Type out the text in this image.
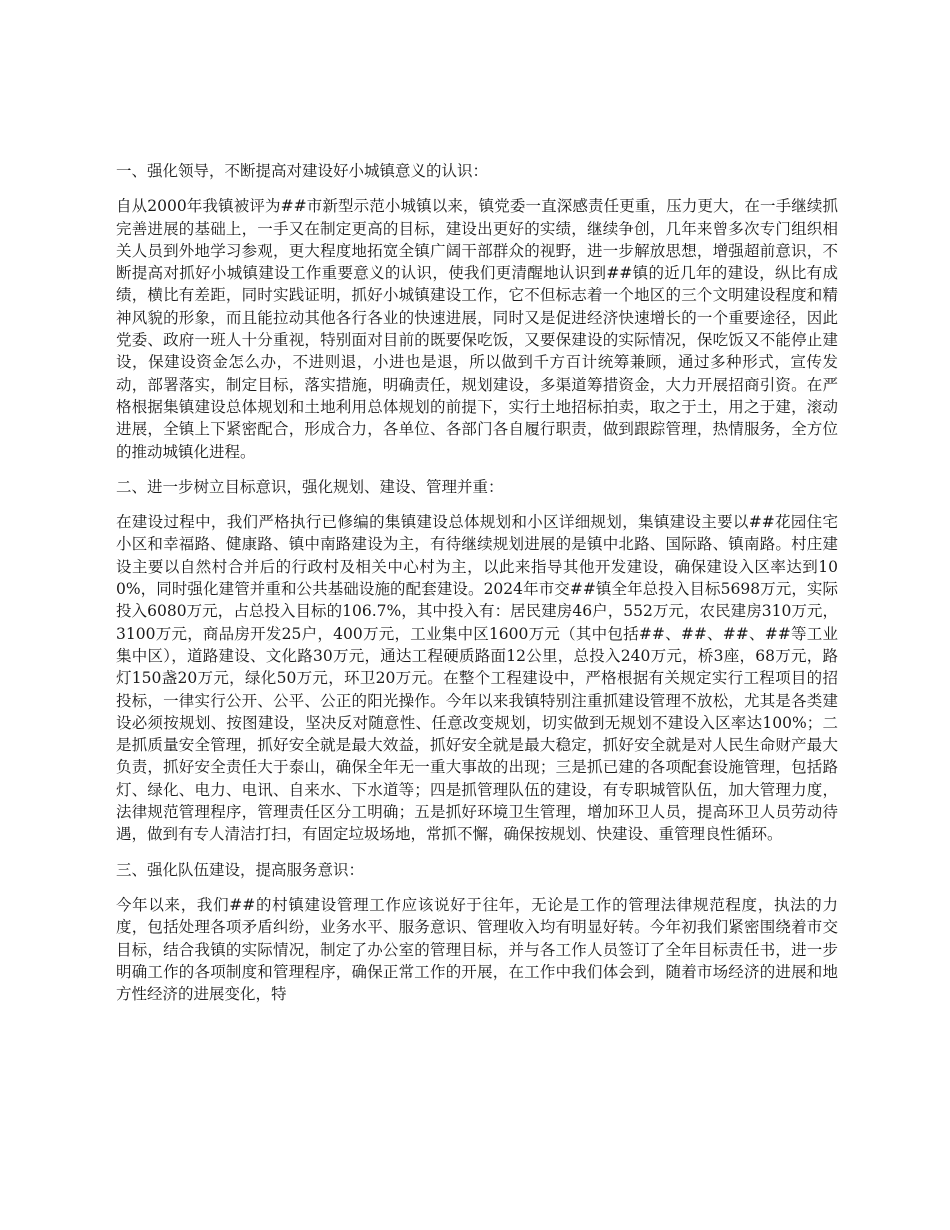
一、强化领导，不断提高对建设好小城镇意义的认识：

自从2000年我镇被评为##市新型示范小城镇以来，镇党委一直深感责任更重，压力更大，在一手继续抓完善进展的基础上，一手又在制定更高的目标，建设出更好的实绩，继续争创，几年来曾多次专门组织相关人员到外地学习参观，更大程度地拓宽全镇广阔干部群众的视野，进一步解放思想，增强超前意识，不断提高对抓好小城镇建设工作重要意义的认识，使我们更清醒地认识到##镇的近几年的建设，纵比有成绩，横比有差距，同时实践证明，抓好小城镇建设工作，它不但标志着一个地区的三个文明建设程度和精神风貌的形象，而且能拉动其他各行各业的快速进展，同时又是促进经济快速增长的一个重要途径，因此党委、政府一班人十分重视，特别面对目前的既要保吃饭，又要保建设的实际情况，保吃饭又不能停止建设，保建设资金怎么办，不进则退，小进也是退，所以做到千方百计统筹兼顾，通过多种形式，宣传发动，部署落实，制定目标，落实措施，明确责任，规划建设，多渠道筹措资金，大力开展招商引资。在严格根据集镇建设总体规划和土地利用总体规划的前提下，实行土地招标拍卖，取之于土，用之于建，滚动进展，全镇上下紧密配合，形成合力，各单位、各部门各自履行职责，做到跟踪管理，热情服务，全方位的推动城镇化进程。

二、进一步树立目标意识，强化规划、建设、管理并重：

在建设过程中，我们严格执行已修编的集镇建设总体规划和小区详细规划，集镇建设主要以##花园住宅小区和幸福路、健康路、镇中南路建设为主，有待继续规划进展的是镇中北路、国际路、镇南路。村庄建设主要以自然村合并后的行政村及相关中心村为主，以此来指导其他开发建设，确保建设入区率达到100%，同时强化建管并重和公共基础设施的配套建设。2024年市交##镇全年总投入目标5698万元，实际投入6080万元，占总投入目标的106.7%，其中投入有：居民建房46户，552万元，农民建房310万元，3100万元，商品房开发25户，400万元，工业集中区1600万元（其中包括##、##、##、##等工业集中区），道路建设、文化路30万元，通达工程硬质路面12公里，总投入240万元，桥3座，68万元，路灯150盏20万元，绿化50万元，环卫20万元。在整个工程建设中，严格根据有关规定实行工程项目的招投标，一律实行公开、公平、公正的阳光操作。今年以来我镇特别注重抓建设管理不放松，尤其是各类建设必须按规划、按图建设，坚决反对随意性、任意改变规划，切实做到无规划不建设入区率达100%；二是抓质量安全管理，抓好安全就是最大效益，抓好安全就是最大稳定，抓好安全就是对人民生命财产最大负责，抓好安全责任大于泰山，确保全年无一重大事故的出现；三是抓已建的各项配套设施管理，包括路灯、绿化、电力、电讯、自来水、下水道等；四是抓管理队伍的建设，有专职城管队伍，加大管理力度，法律规范管理程序，管理责任区分工明确；五是抓好环境卫生管理，增加环卫人员，提高环卫人员劳动待遇，做到有专人清洁打扫，有固定垃圾场地，常抓不懈，确保按规划、快建设、重管理良性循环。

三、强化队伍建设，提高服务意识：

今年以来，我们##的村镇建设管理工作应该说好于往年，无论是工作的管理法律规范程度，执法的力度，包括处理各项矛盾纠纷，业务水平、服务意识、管理收入均有明显好转。今年初我们紧密围绕着市交目标，结合我镇的实际情况，制定了办公室的管理目标，并与各工作人员签订了全年目标责任书，进一步明确工作的各项制度和管理程序，确保正常工作的开展，在工作中我们体会到，随着市场经济的进展和地方性经济的进展变化，特
